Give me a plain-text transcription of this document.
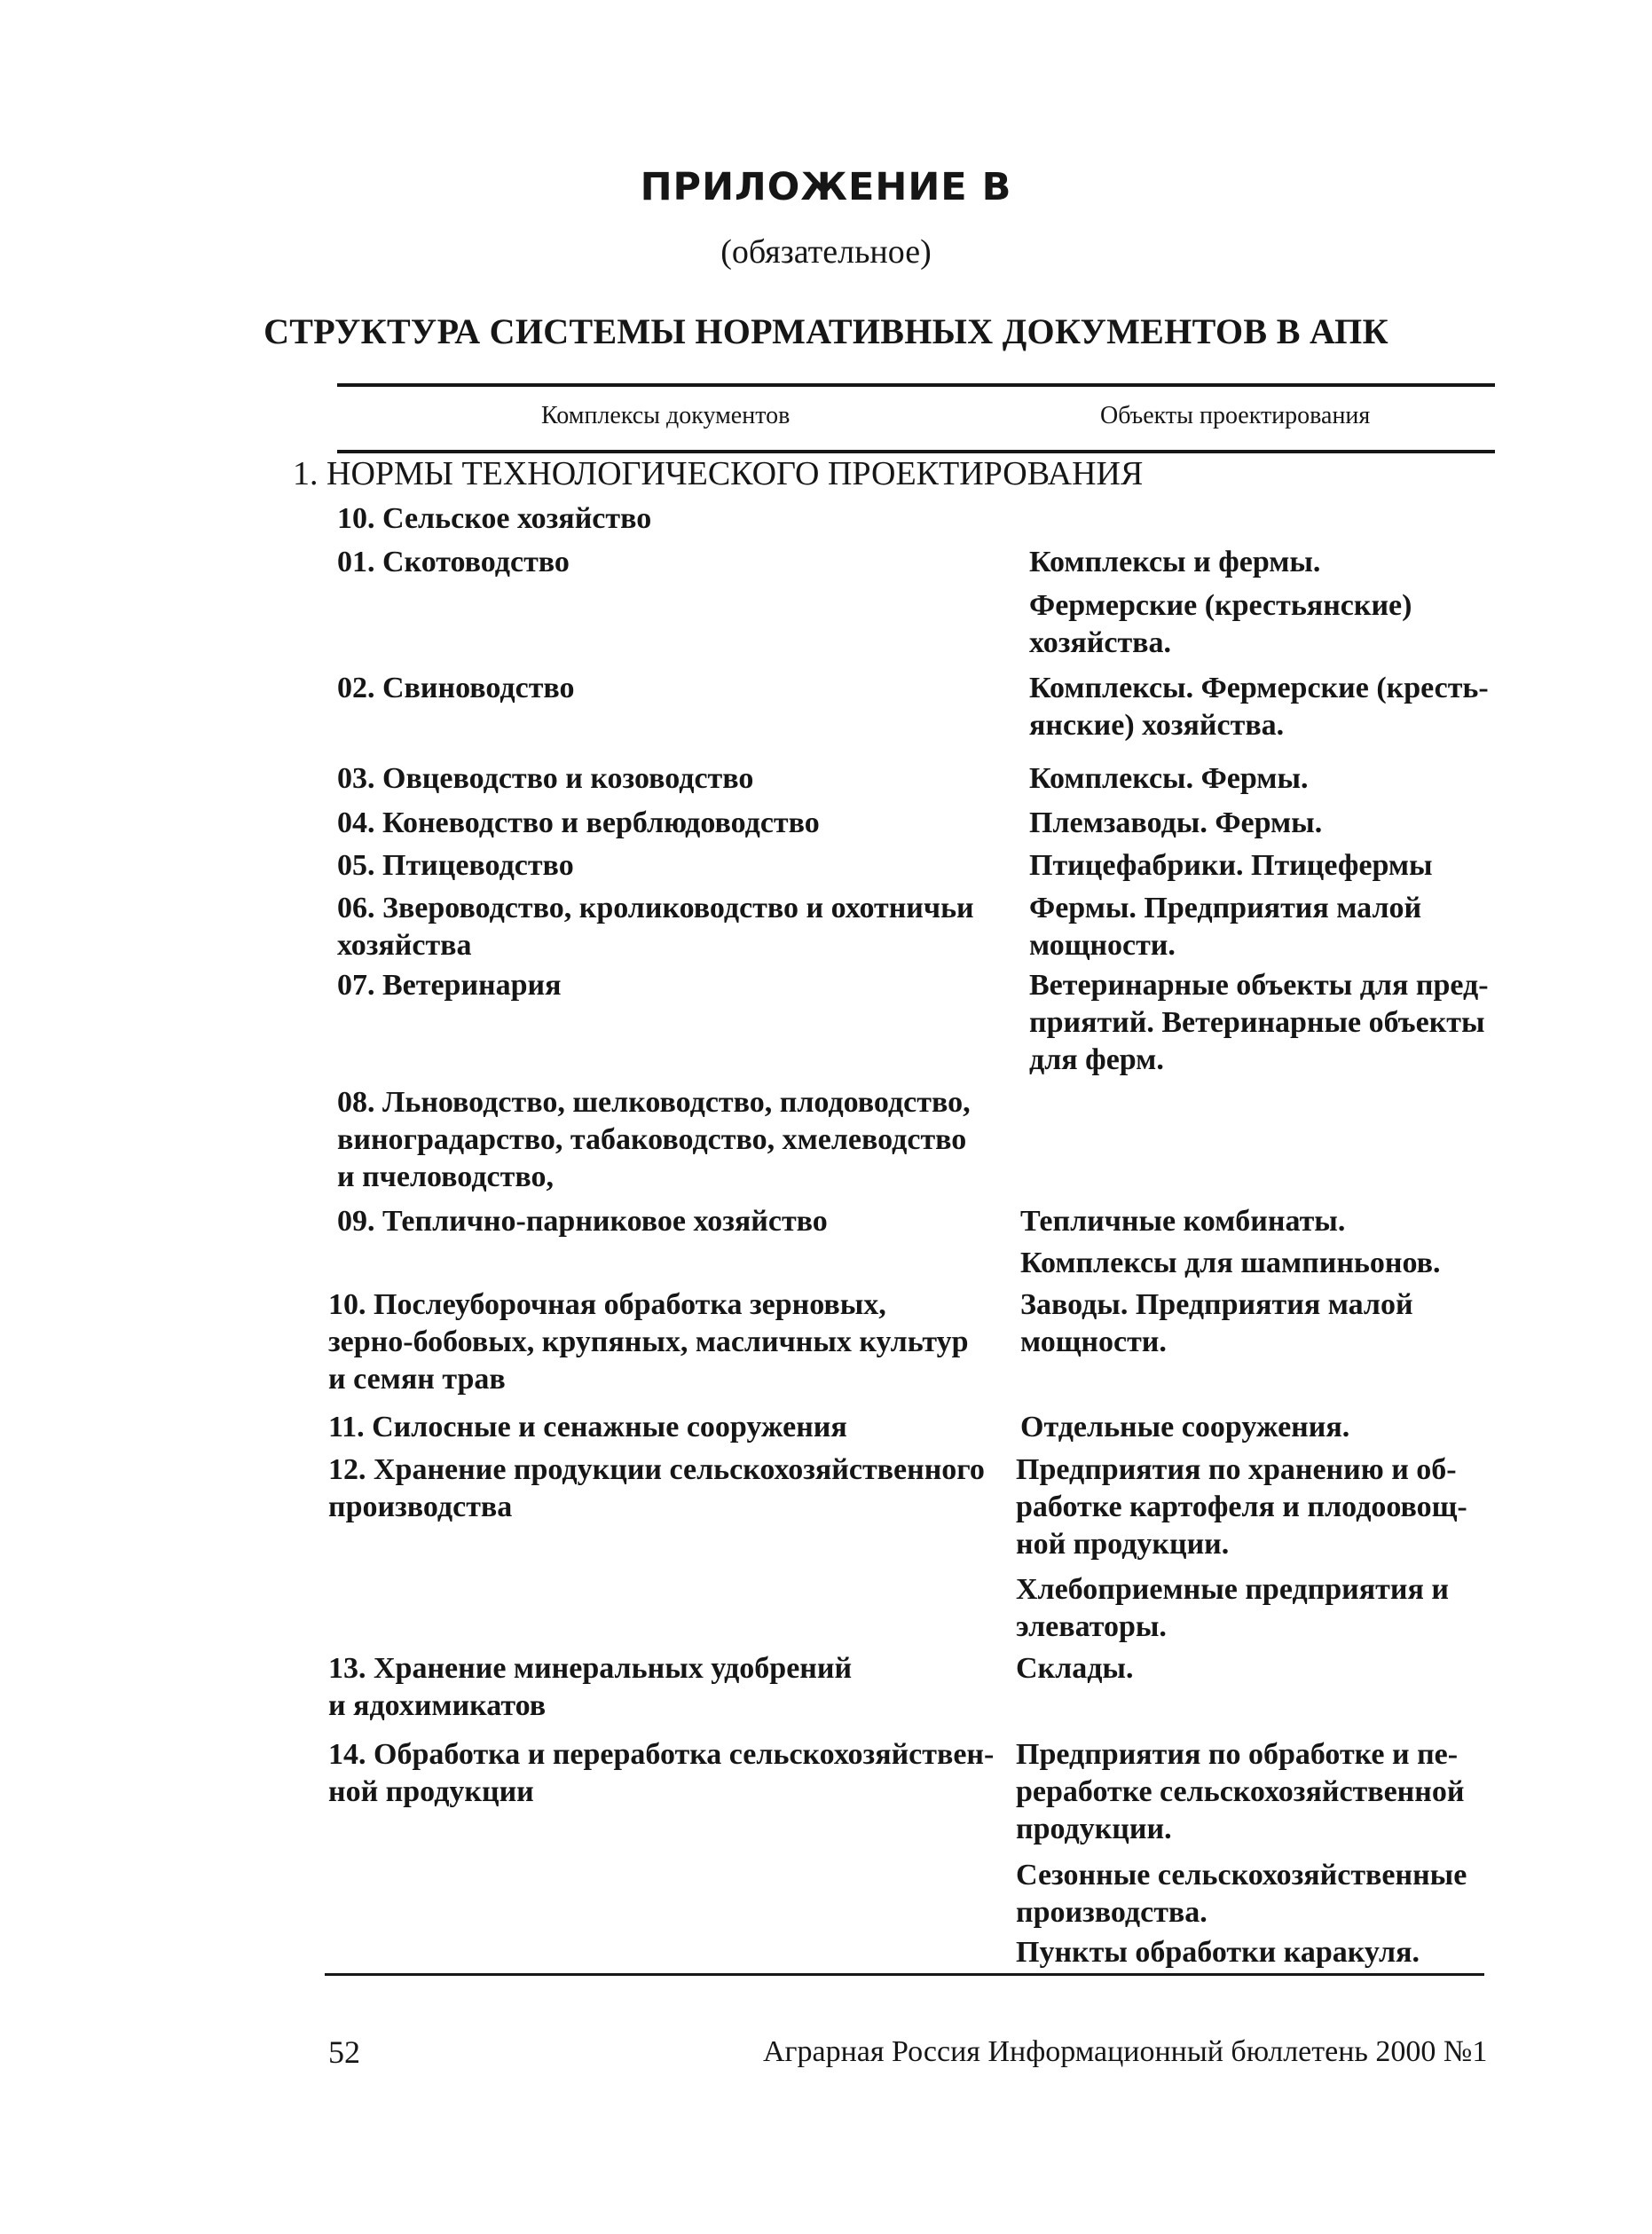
ПРИЛОЖЕНИЕ В
(обязательное)
СТРУКТУРА СИСТЕМЫ НОРМАТИВНЫХ ДОКУМЕНТОВ В АПК
Комплексы документов	Объекты проектирования
1. НОРМЫ ТЕХНОЛОГИЧЕСКОГО ПРОЕКТИРОВАНИЯ
10. Сельское хозяйство
01. Скотоводство
02. Свиноводство
03. Овцеводство и козоводство
04. Коневодство и верблюдоводство
05. Птицеводство
06. Звероводство, кролиководство и охотничьи
хозяйства
07. Ветеринария
08. Льноводство, шелководство, плодоводство,
виноградарство, табаководство, хмелеводство
и пчеловодство,
09. Теплично-парниковое хозяйство
10. Послеуборочная обработка зерновых,
зерно-бобовых, крупяных, масличных культур
и семян трав
11. Силосные и сенажные сооружения
12. Хранение продукции сельскохозяйственного
производства
13. Хранение минеральных удобрений
и ядохимикатов
14. Обработка и переработка сельскохозяйствен-
ной продукции
Комплексы и фермы.
Фермерские (крестьянские)
хозяйства.
Комплексы. Фермерские (кресть-
янские) хозяйства.
Комплексы. Фермы.
Племзаводы. Фермы.
Птицефабрики. Птицефермы
Фермы. Предприятия малой
мощности.
Ветеринарные объекты для пред-
приятий. Ветеринарные объекты
для ферм.
Тепличные комбинаты.
Комплексы для шампиньонов.
Заводы. Предприятия малой
мощности.
Отдельные сооружения.
Предприятия по хранению и об-
работке картофеля и плодоовощ-
ной продукции.
Хлебоприемные предприятия и
элеваторы.
Склады.
Предприятия по обработке и пе-
реработке сельскохозяйственной
продукции.
Сезонные сельскохозяйственные
производства.
Пункты обработки каракуля.
52	Аграрная Россия Информационный бюллетень 2000 №1
